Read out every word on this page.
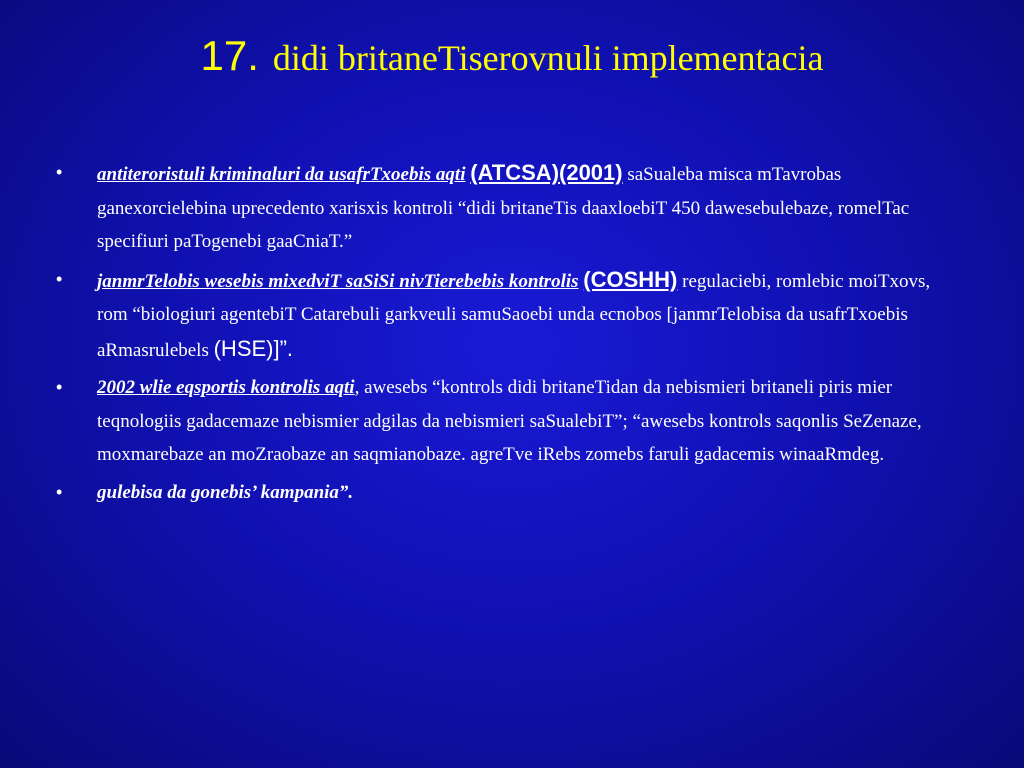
17. didi britaneTiserovnuli implementacia
• antiteroristuli kriminaluri da usafrTxoebis aqti (ATCSA)(2001) saSualeba misca mTavrobas ganexorcielebina uprecedento xarisxis kontroli “didi britaneTis daaxloebiT 450 dawesebulebaze, romelTac specifiuri paTogenebi gaaCniaT.”
• janmrTelobis wesebis mixedviT saSiSi nivTierebebis kontrolis (COSHH) regulaciebi, romlebic moiTxovs, rom “biologiuri agentebiT Catarebuli garkveuli samuSaoebi unda ecnobos [janmrTelobisa da usafrTxoebis aRmasrulebels (HSE)]”.
• 2002 wlie eqsportis kontrolis aqti, awesebs “kontrols didi britaneTidan da nebismieri britaneli piris mier teqnologiis gadacemaze nebismier adgilas da nebismieri saSualebiT”; “awesebs kontrols saqonlis SeZenaze, moxmarebaze an moZraobaze an saqmianobaze. agreTve iRebs zomebs faruli gadacemis winaaRmdeg.
• gulebisa da gonebis’ kampania”.
